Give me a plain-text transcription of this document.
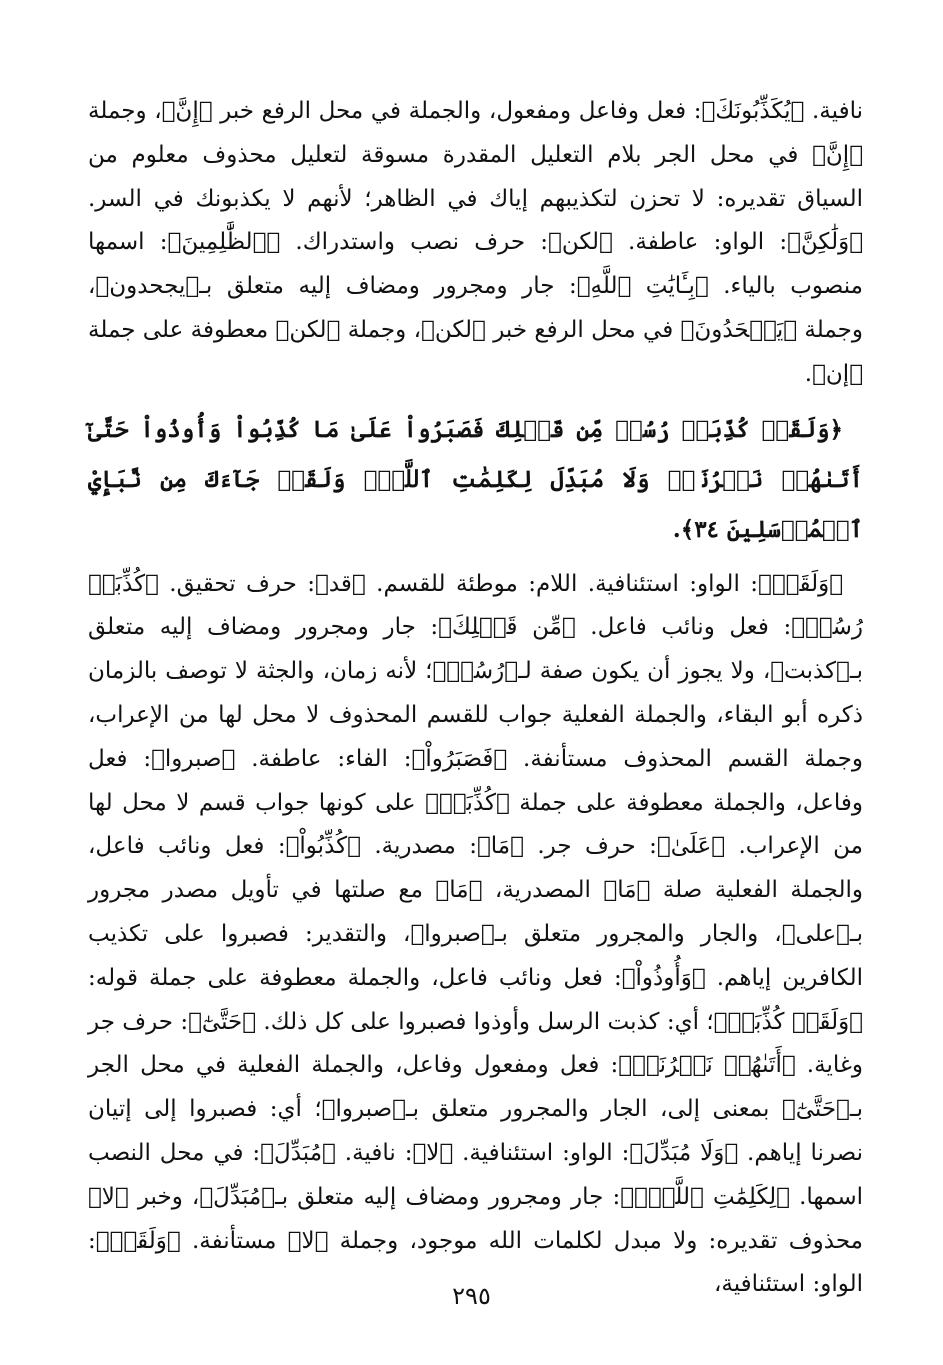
نافية. ﴿يُكَذِّبُونَكَ﴾: فعل وفاعل ومفعول، والجملة في محل الرفع خبر ﴿إِنَّ﴾، وجملة ﴿إِنَّ﴾ في محل الجر بلام التعليل المقدرة مسوقة لتعليل محذوف معلوم من السياق تقديره: لا تحزن لتكذيبهم إياك في الظاهر؛ لأنهم لا يكذبونك في السر. ﴿وَلَٰكِنَّ﴾: الواو: عاطفة. ﴿لكن﴾: حرف نصب واستدراك. ﴿ٱلظَّٰلِمِينَ﴾: اسمها منصوب بالياء. ﴿بِـَٔايَٰتِ ٱللَّهِ﴾: جار ومجرور ومضاف إليه متعلق بـ﴿يجحدون﴾، وجملة ﴿يَجۡحَدُونَ﴾ في محل الرفع خبر ﴿لكن﴾، وجملة ﴿لكن﴾ معطوفة على جملة ﴿إن﴾.

﴿وَلَقَدۡ كُذِّبَتۡ رُسُلٞ مِّن قَبۡلِكَ فَصَبَرُواْ عَلَىٰ مَا كُذِّبُواْ وَأُوذُواْ حَتَّىٰٓ أَتَىٰهُمۡ نَصۡرُنَاۚ وَلَا مُبَدِّلَ لِكَلِمَٰتِ ٱللَّهِۚ وَلَقَدۡ جَآءَكَ مِن نَّبَإِيْ ٱلۡمُرۡسَلِينَ ٣٤﴾.

﴿وَلَقَدۡ﴾: الواو: استئنافية. اللام: موطئة للقسم. ﴿قد﴾: حرف تحقيق. ﴿كُذِّبَتۡ رُسُلٞ﴾: فعل ونائب فاعل. ﴿مِّن قَبۡلِكَ﴾: جار ومجرور ومضاف إليه متعلق بـ﴿كذبت﴾، ولا يجوز أن يكون صفة لـ﴿رُسُلٞ﴾؛ لأنه زمان، والجثة لا توصف بالزمان ذكره أبو البقاء، والجملة الفعلية جواب للقسم المحذوف لا محل لها من الإعراب، وجملة القسم المحذوف مستأنفة. ﴿فَصَبَرُواْ﴾: الفاء: عاطفة. ﴿صبروا﴾: فعل وفاعل، والجملة معطوفة على جملة ﴿كُذِّبَتۡ﴾ على كونها جواب قسم لا محل لها من الإعراب. ﴿عَلَىٰ﴾: حرف جر. ﴿مَا﴾: مصدرية. ﴿كُذِّبُواْ﴾: فعل ونائب فاعل، والجملة الفعلية صلة ﴿مَا﴾ المصدرية، ﴿مَا﴾ مع صلتها في تأويل مصدر مجرور بـ﴿على﴾، والجار والمجرور متعلق بـ﴿صبروا﴾، والتقدير: فصبروا على تكذيب الكافرين إياهم. ﴿وَأُوذُواْ﴾: فعل ونائب فاعل، والجملة معطوفة على جملة قوله: ﴿وَلَقَدۡ كُذِّبَتۡ﴾؛ أي: كذبت الرسل وأوذوا فصبروا على كل ذلك. ﴿حَتَّىٰٓ﴾: حرف جر وغاية. ﴿أَتَىٰهُمۡ نَصۡرُنَاۚ﴾: فعل ومفعول وفاعل، والجملة الفعلية في محل الجر بـ﴿حَتَّىٰٓ﴾ بمعنى إلى، الجار والمجرور متعلق بـ﴿صبروا﴾؛ أي: فصبروا إلى إتيان نصرنا إياهم. ﴿وَلَا مُبَدِّلَ﴾: الواو: استئنافية. ﴿لا﴾: نافية. ﴿مُبَدِّلَ﴾: في محل النصب اسمها. ﴿لِكَلِمَٰتِ ٱللَّهِۚ﴾: جار ومجرور ومضاف إليه متعلق بـ﴿مُبَدِّلَ﴾، وخبر ﴿لا﴾ محذوف تقديره: ولا مبدل لكلمات الله موجود، وجملة ﴿لا﴾ مستأنفة. ﴿وَلَقَدۡ﴾: الواو: استئنافية،

٢٩٥
